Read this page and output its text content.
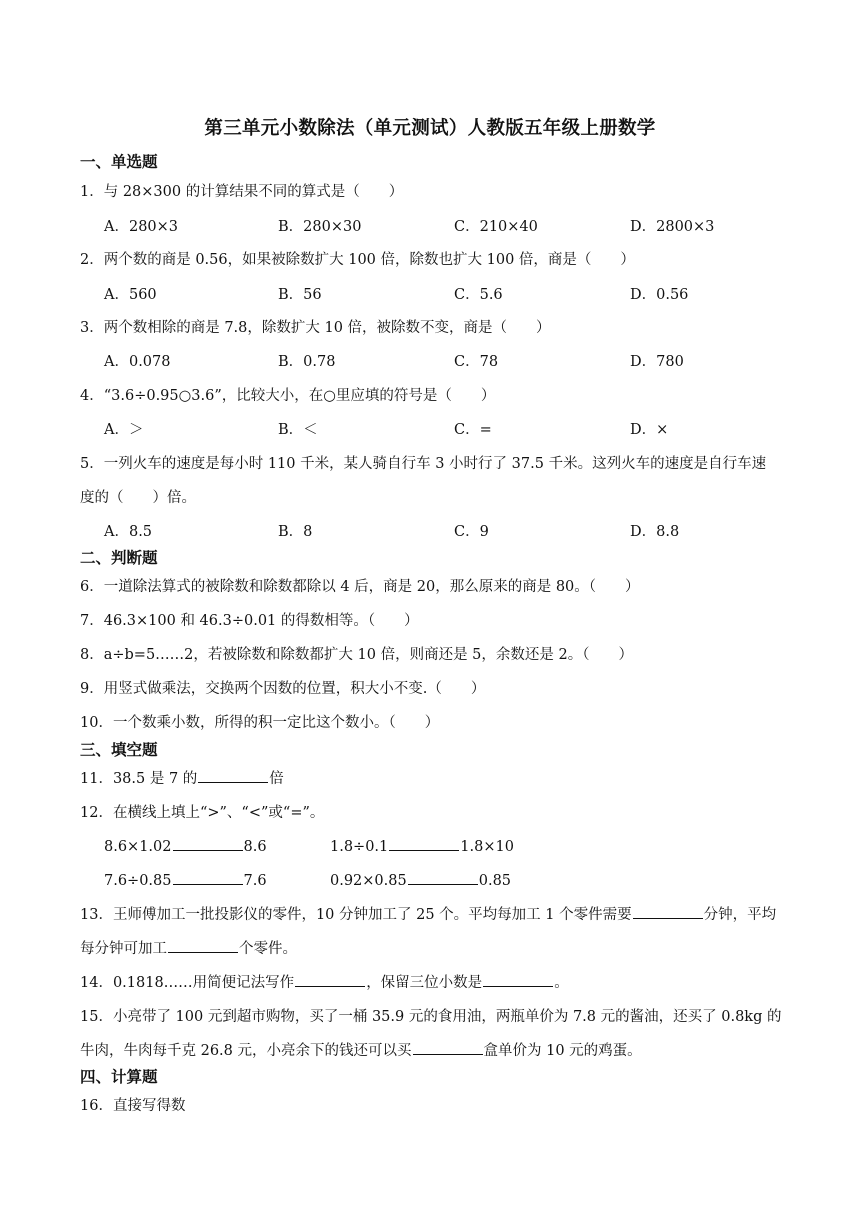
第三单元小数除法（单元测试）人教版五年级上册数学
一、单选题
1．与 28×300 的计算结果不同的算式是（　　）
A．280×3	B．280×30	C．210×40	D．2800×3
2．两个数的商是 0.56，如果被除数扩大 100 倍，除数也扩大 100 倍，商是（　　）
A．560	B．56	C．5.6	D．0.56
3．两个数相除的商是 7.8，除数扩大 10 倍，被除数不变，商是（　　）
A．0.078	B．0.78	C．78	D．780
4．“3.6÷0.95○3.6”，比较大小，在○里应填的符号是（　　）
A．＞	B．＜	C．=	D．×
5．一列火车的速度是每小时 110 千米，某人骑自行车 3 小时行了 37.5 千米。这列火车的速度是自行车速
度的（　　）倍。
A．8.5	B．8	C．9	D．8.8
二、判断题
6．一道除法算式的被除数和除数都除以 4 后，商是 20，那么原来的商是 80。（　　）
7．46.3×100 和 46.3÷0.01 的得数相等。（　　）
8．a÷b=5……2，若被除数和除数都扩大 10 倍，则商还是 5，余数还是 2。（　　）
9．用竖式做乘法，交换两个因数的位置，积大小不变.（　　）
10．一个数乘小数，所得的积一定比这个数小。（　　）
三、填空题
11．38.5 是 7 的	倍
12．在横线上填上“>”、“<”或“=”。
8.6×1.02	8.6	1.8÷0.1	1.8×10
7.6÷0.85	7.6	0.92×0.85	0.85
13．王师傅加工一批投影仪的零件，10 分钟加工了 25 个。平均每加工 1 个零件需要	分钟，平均
每分钟可加工	个零件。
14．0.1818……用简便记法写作	，保留三位小数是	。
15．小亮带了 100 元到超市购物，买了一桶 35.9 元的食用油，两瓶单价为 7.8 元的酱油，还买了 0.8kg 的
牛肉，牛肉每千克 26.8 元，小亮余下的钱还可以买	盒单价为 10 元的鸡蛋。
四、计算题
16．直接写得数
